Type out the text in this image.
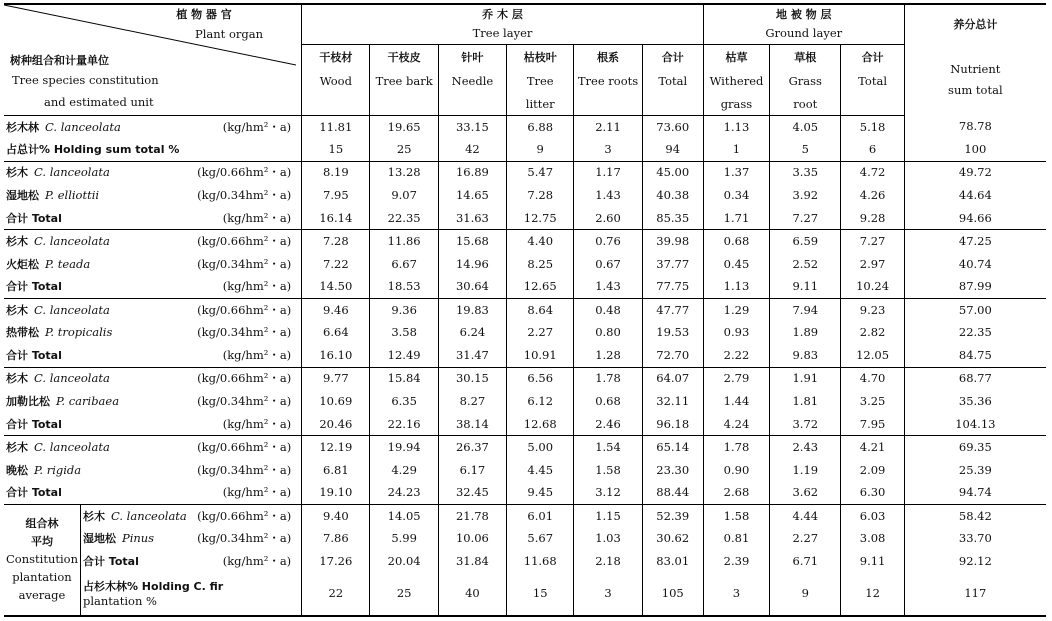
植 物 器 官
Plant organ
树种组合和计量单位
Tree species constitution
and estimated unit		乔 木 层						地 被 物 层			养分总计
		Tree layer						Ground layer			
		干枝材	干枝皮	针叶	枯枝叶	根系	合计	枯草	草根	合计	Nutrient
sum total

		Wood	Tree bark	Needle	Tree	Tree roots	Total	Withered	Grass	Total	
					litter			grass	root		

杉木林 C. lanceolata (kg/hm²・a)		11.81	19.65	33.15	6.88	2.11	73.60	1.13	4.05	5.18	78.78

占总计% Holding sum total %		15	25	42	9	3	94	1	5	6	100

杉木 C. lanceolata (kg/0.66hm²・a)		8.19	13.28	16.89	5.47	1.17	45.00	1.37	3.35	4.72	49.72

湿地松 P. elliottii (kg/0.34hm²・a)		7.95	9.07	14.65	7.28	1.43	40.38	0.34	3.92	4.26	44.64

合计 Total (kg/hm²・a)		16.14	22.35	31.63	12.75	2.60	85.35	1.71	7.27	9.28	94.66

杉木 C. lanceolata (kg/0.66hm²・a)		7.28	11.86	15.68	4.40	0.76	39.98	0.68	6.59	7.27	47.25

火炬松 P. teada (kg/0.34hm²・a)		7.22	6.67	14.96	8.25	0.67	37.77	0.45	2.52	2.97	40.74

合计 Total (kg/hm²・a)		14.50	18.53	30.64	12.65	1.43	77.75	1.13	9.11	10.24	87.99

杉木 C. lanceolata (kg/0.66hm²・a)		9.46	9.36	19.83	8.64	0.48	47.77	1.29	7.94	9.23	57.00

热带松 P. tropicalis (kg/0.34hm²・a)		6.64	3.58	6.24	2.27	0.80	19.53	0.93	1.89	2.82	22.35

合计 Total (kg/hm²・a)		16.10	12.49	31.47	10.91	1.28	72.70	2.22	9.83	12.05	84.75

杉木 C. lanceolata (kg/0.66hm²・a)		9.77	15.84	30.15	6.56	1.78	64.07	2.79	1.91	4.70	68.77

加勒比松 P. caribaea (kg/0.34hm²・a)		10.69	6.35	8.27	6.12	0.68	32.11	1.44	1.81	3.25	35.36

合计 Total (kg/hm²・a)		20.46	22.16	38.14	12.68	2.46	96.18	4.24	3.72	7.95	104.13

杉木 C. lanceolata (kg/0.66hm²・a)		12.19	19.94	26.37	5.00	1.54	65.14	1.78	2.43	4.21	69.35

晚松 P. rigida (kg/0.34hm²・a)		6.81	4.29	6.17	4.45	1.58	23.30	0.90	1.19	2.09	25.39

合计 Total (kg/hm²・a)		19.10	24.23	32.45	9.45	3.12	88.44	2.68	3.62	6.30	94.74

组合林
平均
Constitution
plantation
average	杉木 C. lanceolata (kg/0.66hm²・a)	9.40	14.05	21.78	6.01	1.15	52.39	1.58	4.44	6.03	58.42

	湿地松 Pinus (kg/0.34hm²・a)	7.86	5.99	10.06	5.67	1.03	30.62	0.81	2.27	3.08	33.70

	合计 Total (kg/hm²・a)	17.26	20.04	31.84	11.68	2.18	83.01	2.39	6.71	9.11	92.12

	占杉木林% Holding C. fir
plantation %	22	25	40	15	3	105	3	9	12	117
